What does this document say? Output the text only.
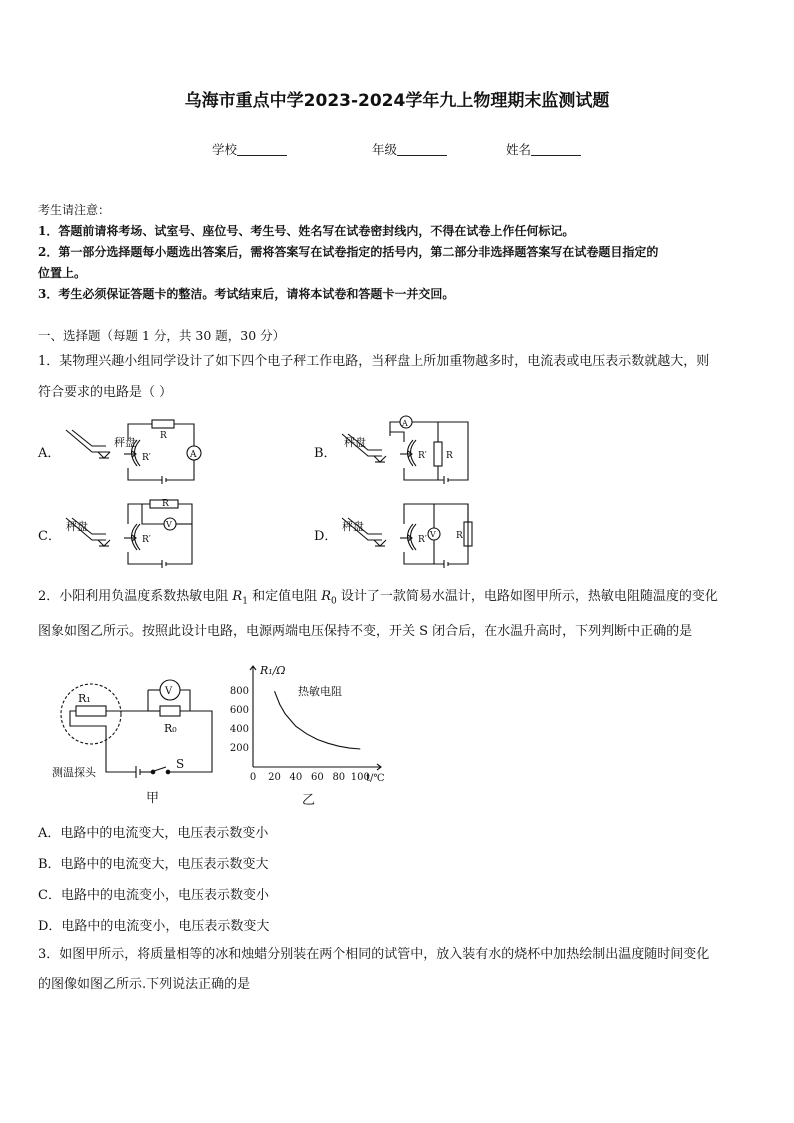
乌海市重点中学2023-2024学年九上物理期末监测试题
学校	年级	姓名
考生请注意：
1．答题前请将考场、试室号、座位号、考生号、姓名写在试卷密封线内，不得在试卷上作任何标记。
2．第一部分选择题每小题选出答案后，需将答案写在试卷指定的括号内，第二部分非选择题答案写在试卷题目指定的
位置上。
3．考生必须保证答题卡的整洁。考试结束后，请将本试卷和答题卡一并交回。
一、选择题（每题 1 分，共 30 题，30 分）
1．某物理兴趣小组同学设计了如下四个电子秤工作电路，当秤盘上所加重物越多时，电流表或电压表示数就越大，则
符合要求的电路是（ ）
A．	B．
C．	D．
秤盘	R
R′	A
秤盘
A
R′ R
秤盘
R
R′
V	秤盘
R′
V R
2．小阳利用负温度系数热敏电阻 $R_1$ 和定值电阻 $R_0$ 设计了一款简易水温计，电路如图甲所示，热敏电阻随温度的变化
图象如图乙所示。按照此设计电路，电源两端电压保持不变，开关 S 闭合后，在水温升高时，下列判断中正确的是
R₁
R₀
V
S
测温探头
甲
0 20 40 60 80 100
200
400
600
800
R₁/Ω
t/℃
热敏电阻
乙
A．电路中的电流变大，电压表示数变小
B．电路中的电流变大，电压表示数变大
C．电路中的电流变小，电压表示数变小
D．电路中的电流变小，电压表示数变大
3．如图甲所示，将质量相等的冰和烛蜡分别装在两个相同的试管中，放入装有水的烧杯中加热绘制出温度随时间变化
的图像如图乙所示.下列说法正确的是
